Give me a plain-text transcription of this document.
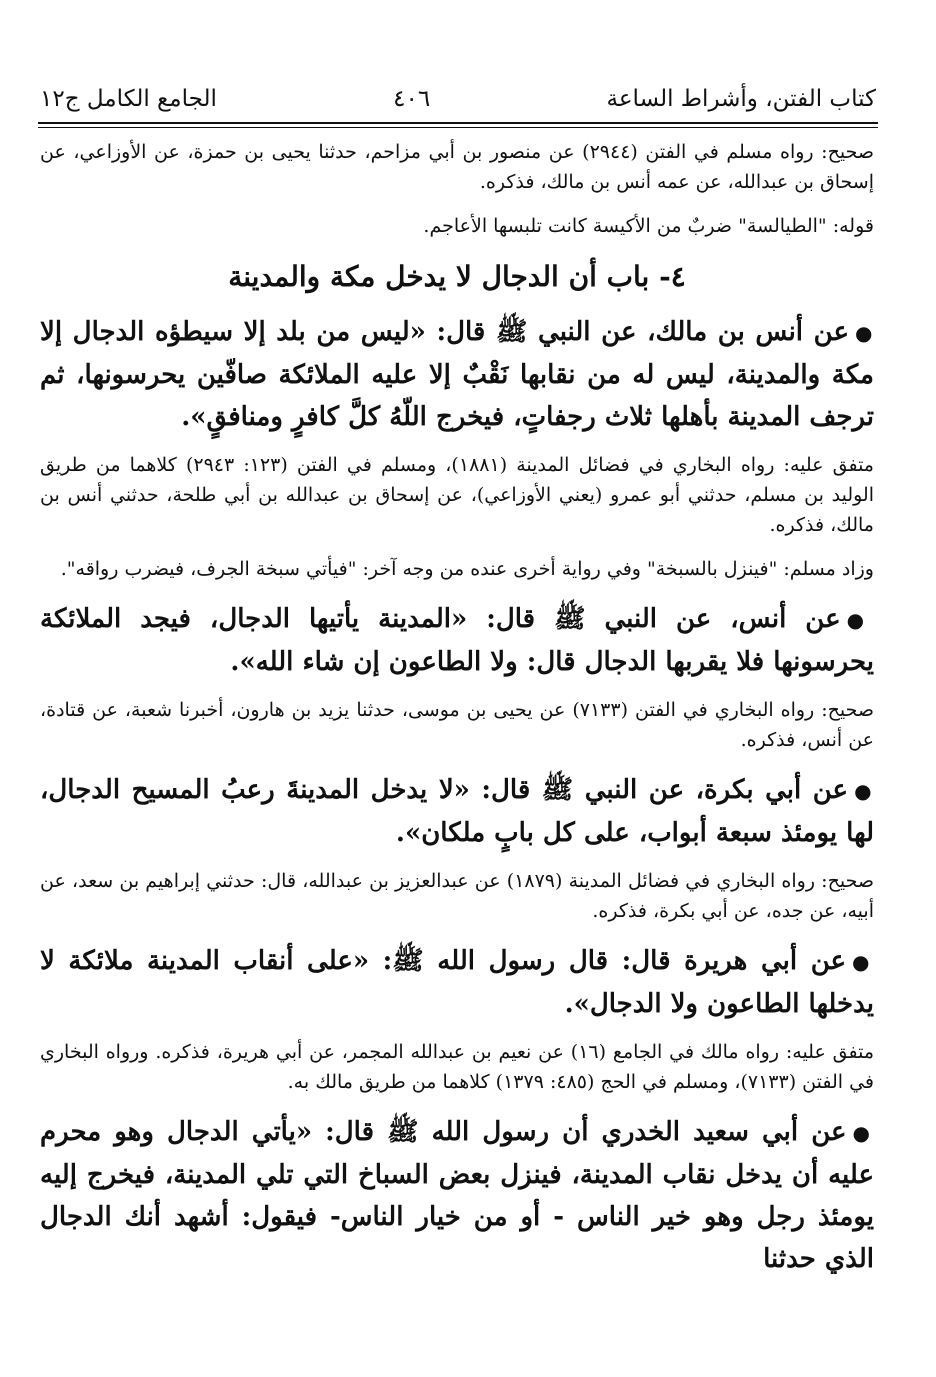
كتاب الفتن، وأشراط الساعة
٤٠٦
الجامع الكامل ج١٢

صحيح: رواه مسلم في الفتن (٢٩٤٤) عن منصور بن أبي مزاحم، حدثنا يحيى بن حمزة، عن الأوزاعي، عن إسحاق بن عبدالله، عن عمه أنس بن مالك، فذكره.

قوله: "الطيالسة" ضربٌ من الأكيسة كانت تلبسها الأعاجم.

٤- باب أن الدجال لا يدخل مكة والمدينة

●عن أنس بن مالك، عن النبي ﷺ قال: «ليس من بلد إلا سيطؤه الدجال إلا مكة والمدينة، ليس له من نقابها نَقْبٌ إلا عليه الملائكة صافّين يحرسونها، ثم ترجف المدينة بأهلها ثلاث رجفاتٍ، فيخرج اللّهُ كلَّ كافرٍ ومنافقٍ».

متفق عليه: رواه البخاري في فضائل المدينة (١٨٨١)، ومسلم في الفتن (١٢٣: ٢٩٤٣) كلاهما من طريق الوليد بن مسلم، حدثني أبو عمرو (يعني الأوزاعي)، عن إسحاق بن عبدالله بن أبي طلحة، حدثني أنس بن مالك، فذكره.

وزاد مسلم: "فينزل بالسبخة" وفي رواية أخرى عنده من وجه آخر: "فيأتي سبخة الجرف، فيضرب رواقه".

●عن أنس، عن النبي ﷺ قال: «المدينة يأتيها الدجال، فيجد الملائكة يحرسونها فلا يقربها الدجال قال: ولا الطاعون إن شاء الله».

صحيح: رواه البخاري في الفتن (٧١٣٣) عن يحيى بن موسى، حدثنا يزيد بن هارون، أخبرنا شعبة، عن قتادة، عن أنس، فذكره.

●عن أبي بكرة، عن النبي ﷺ قال: «لا يدخل المدينةَ رعبُ المسيح الدجال، لها يومئذ سبعة أبواب، على كل بابٍ ملكان».

صحيح: رواه البخاري في فضائل المدينة (١٨٧٩) عن عبدالعزيز بن عبدالله، قال: حدثني إبراهيم بن سعد، عن أبيه، عن جده، عن أبي بكرة، فذكره.

●عن أبي هريرة قال: قال رسول الله ﷺ: «على أنقاب المدينة ملائكة لا يدخلها الطاعون ولا الدجال».

متفق عليه: رواه مالك في الجامع (١٦) عن نعيم بن عبدالله المجمر، عن أبي هريرة، فذكره. ورواه البخاري في الفتن (٧١٣٣)، ومسلم في الحج (٤٨٥: ١٣٧٩) كلاهما من طريق مالك به.

●عن أبي سعيد الخدري أن رسول الله ﷺ قال: «يأتي الدجال وهو محرم عليه أن يدخل نقاب المدينة، فينزل بعض السباخ التي تلي المدينة، فيخرج إليه يومئذ رجل وهو خير الناس - أو من خيار الناس- فيقول: أشهد أنك الدجال الذي حدثنا
